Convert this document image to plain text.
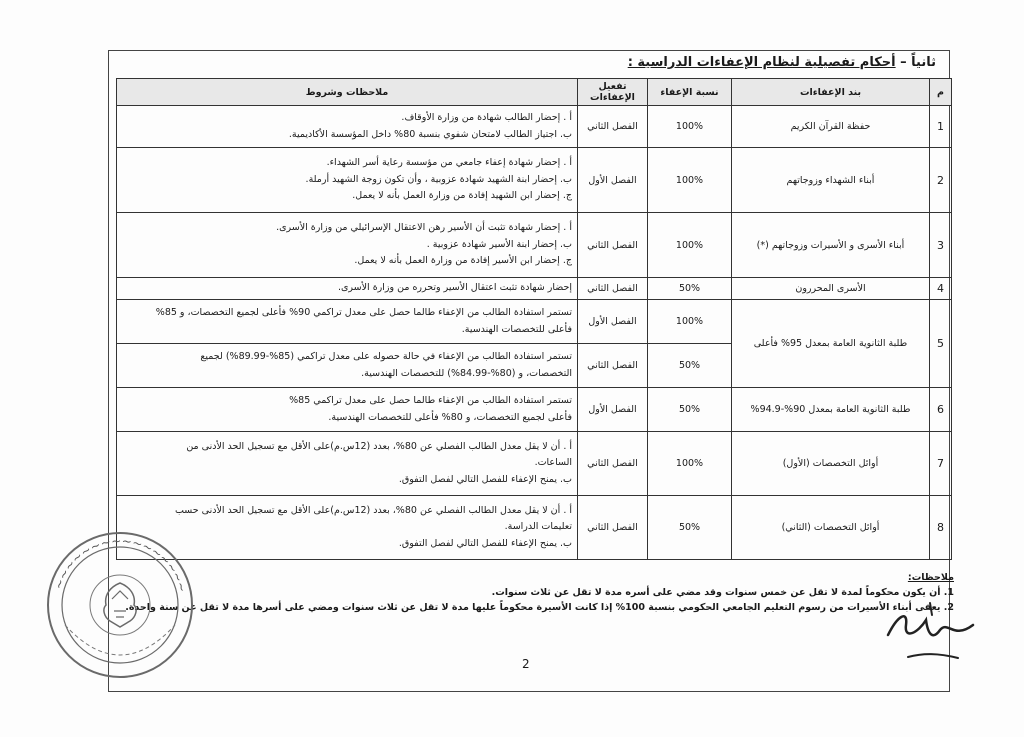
ثانياً – أحكام تفصيلية لنظام الإعفاءات الدراسية :
م	بند الإعفاءات	نسبة الإعفاء	تفعيل الإعفاءات	ملاحظات وشروط
1	حفظة القرآن الكريم	100%	الفصل الثاني	أ . إحضار الطالب شهادة من وزارة الأوقاف.
ب. اجتياز الطالب لامتحان شفوي بنسبة 80% داخل المؤسسة الأكاديمية.

2	أبناء الشهداء وزوجاتهم	100%	الفصل الأول	أ . إحضار شهادة إعفاء جامعي من مؤسسة رعاية أسر الشهداء.
ب. إحضار ابنة الشهيد شهادة عزوبية ، وأن تكون زوجة الشهيد أرملة.
ج. إحضار ابن الشهيد إفادة من وزارة العمل بأنه لا يعمل.

3	أبناء الأسرى و الأسيرات وزوجاتهم (*)	100%	الفصل الثاني	أ . إحضار شهادة تثبت أن الأسير رهن الاعتقال الإسرائيلي من وزارة الأسرى.
ب. إحضار ابنة الأسير شهادة عزوبية .
ج. إحضار ابن الأسير إفادة من وزارة العمل بأنه لا يعمل.

4	الأسرى المحررون	50%	الفصل الثاني	إحضار شهادة تثبت اعتقال الأسير وتحرره من وزارة الأسرى.

5	طلبة الثانوية العامة بمعدل 95% فأعلى	100%	الفصل الأول	تستمر استفادة الطالب من الإعفاء طالما حصل على معدل تراكمي 90% فأعلى لجميع التخصصات، و 85%
فأعلى للتخصصات الهندسية.

		50%	الفصل الثاني	تستمر استفادة الطالب من الإعفاء في حالة حصوله على معدل تراكمي (85%-89.99%) لجميع
التخصصات، و (80%-84.99%) للتخصصات الهندسية.

6	طلبة الثانوية العامة بمعدل 90%-94.9%	50%	الفصل الأول	تستمر استفادة الطالب من الإعفاء طالما حصل على معدل تراكمي 85%
فأعلى لجميع التخصصات، و 80% فأعلى للتخصصات الهندسية.

7	أوائل التخصصات (الأول)	100%	الفصل الثاني	أ . أن لا يقل معدل الطالب الفصلي عن 80%، بعدد (12س.م)على الأقل مع تسجيل الحد الأدنى من
الساعات.
ب. يمنح الإعفاء للفصل التالي لفصل التفوق.

8	أوائل التخصصات (الثاني)	50%	الفصل الثاني	أ . أن لا يقل معدل الطالب الفصلي عن 80%، بعدد (12س.م)على الأقل مع تسجيل الحد الأدنى حسب
تعليمات الدراسة.
ب. يمنح الإعفاء للفصل التالي لفصل التفوق.
ملاحظات:
1. أن يكون محكوماً لمدة لا تقل عن خمس سنوات وقد مضي على أسره مدة لا تقل عن ثلاث سنوات.
2. يعفى أبناء الأسيرات من رسوم التعليم الجامعي الحكومي بنسبة 100% إذا كانت الأسيرة محكوماً عليها مدة لا تقل عن ثلاث سنوات ومضي على أسرها مدة لا تقل عن سنة واحدة.
2
~~~~~~~~~~~~~~~~
